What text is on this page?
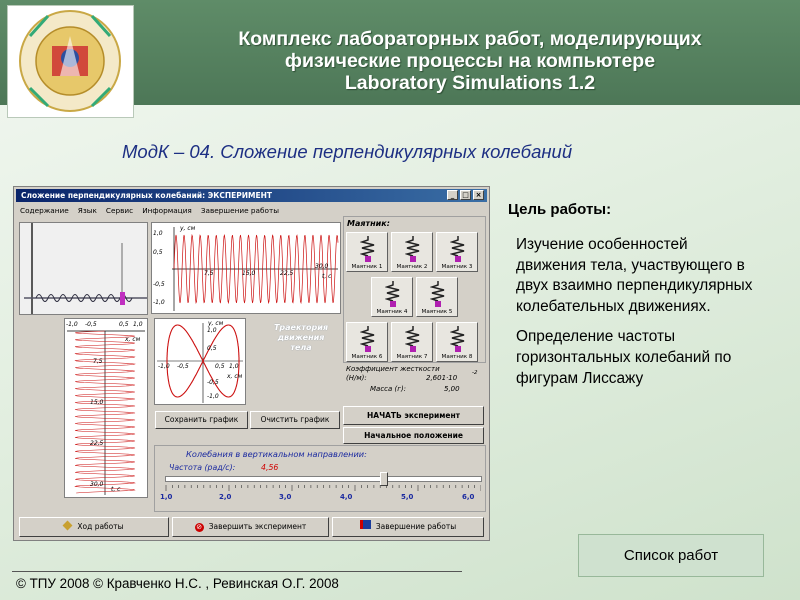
Комплекс лабораторных работ, моделирующих
физические процессы на компьютере
Laboratory Simulations 1.2
МодК – 04. Сложение перпендикулярных колебаний
Сложение перпендикулярных колебаний: ЭКСПЕРИМЕНТ	_	□ ×
Содержание Язык Сервис Информация Завершение работы
у, см
t, с
1,0
0,5
-0,5
-1,0
7,5	15,0	22,5
30,0
-1,0 -0,5	0,5 1,0
х, см
7,5
15,0
22,5
30,0
t, с
у, см
х, см
1,0
0,5
-0,5
-1,0
-1,0 -0,5	0,5 1,0
Траектория
движения
тела
Сохранить график	Очистить график
Маятник:
Маятник 1	Маятник 2	Маятник 3
Маятник 4	Маятник 5
Маятник 6	Маятник 7	Маятник 8
Коэффициент жесткости
(Н/м):	2,601·10
-2
Масса (г):	5,00
НАЧАТЬ эксперимент
Начальное положение
Колебания в вертикальном направлении:
Частота (рад/с):	4,56
1,0	2,0	3,0	4,0	5,0	6,0
Ход работы	⊘ Завершить эксперимент	Завершение работы
Цель работы:

Изучение особенностей движения тела, участвующего в двух взаимно перпендикулярных колебательных движениях.

Определение частоты горизонтальных колебаний по фигурам Лиссажу

Список работ
© ТПУ 2008 © Кравченко Н.С. , Ревинская О.Г. 2008
